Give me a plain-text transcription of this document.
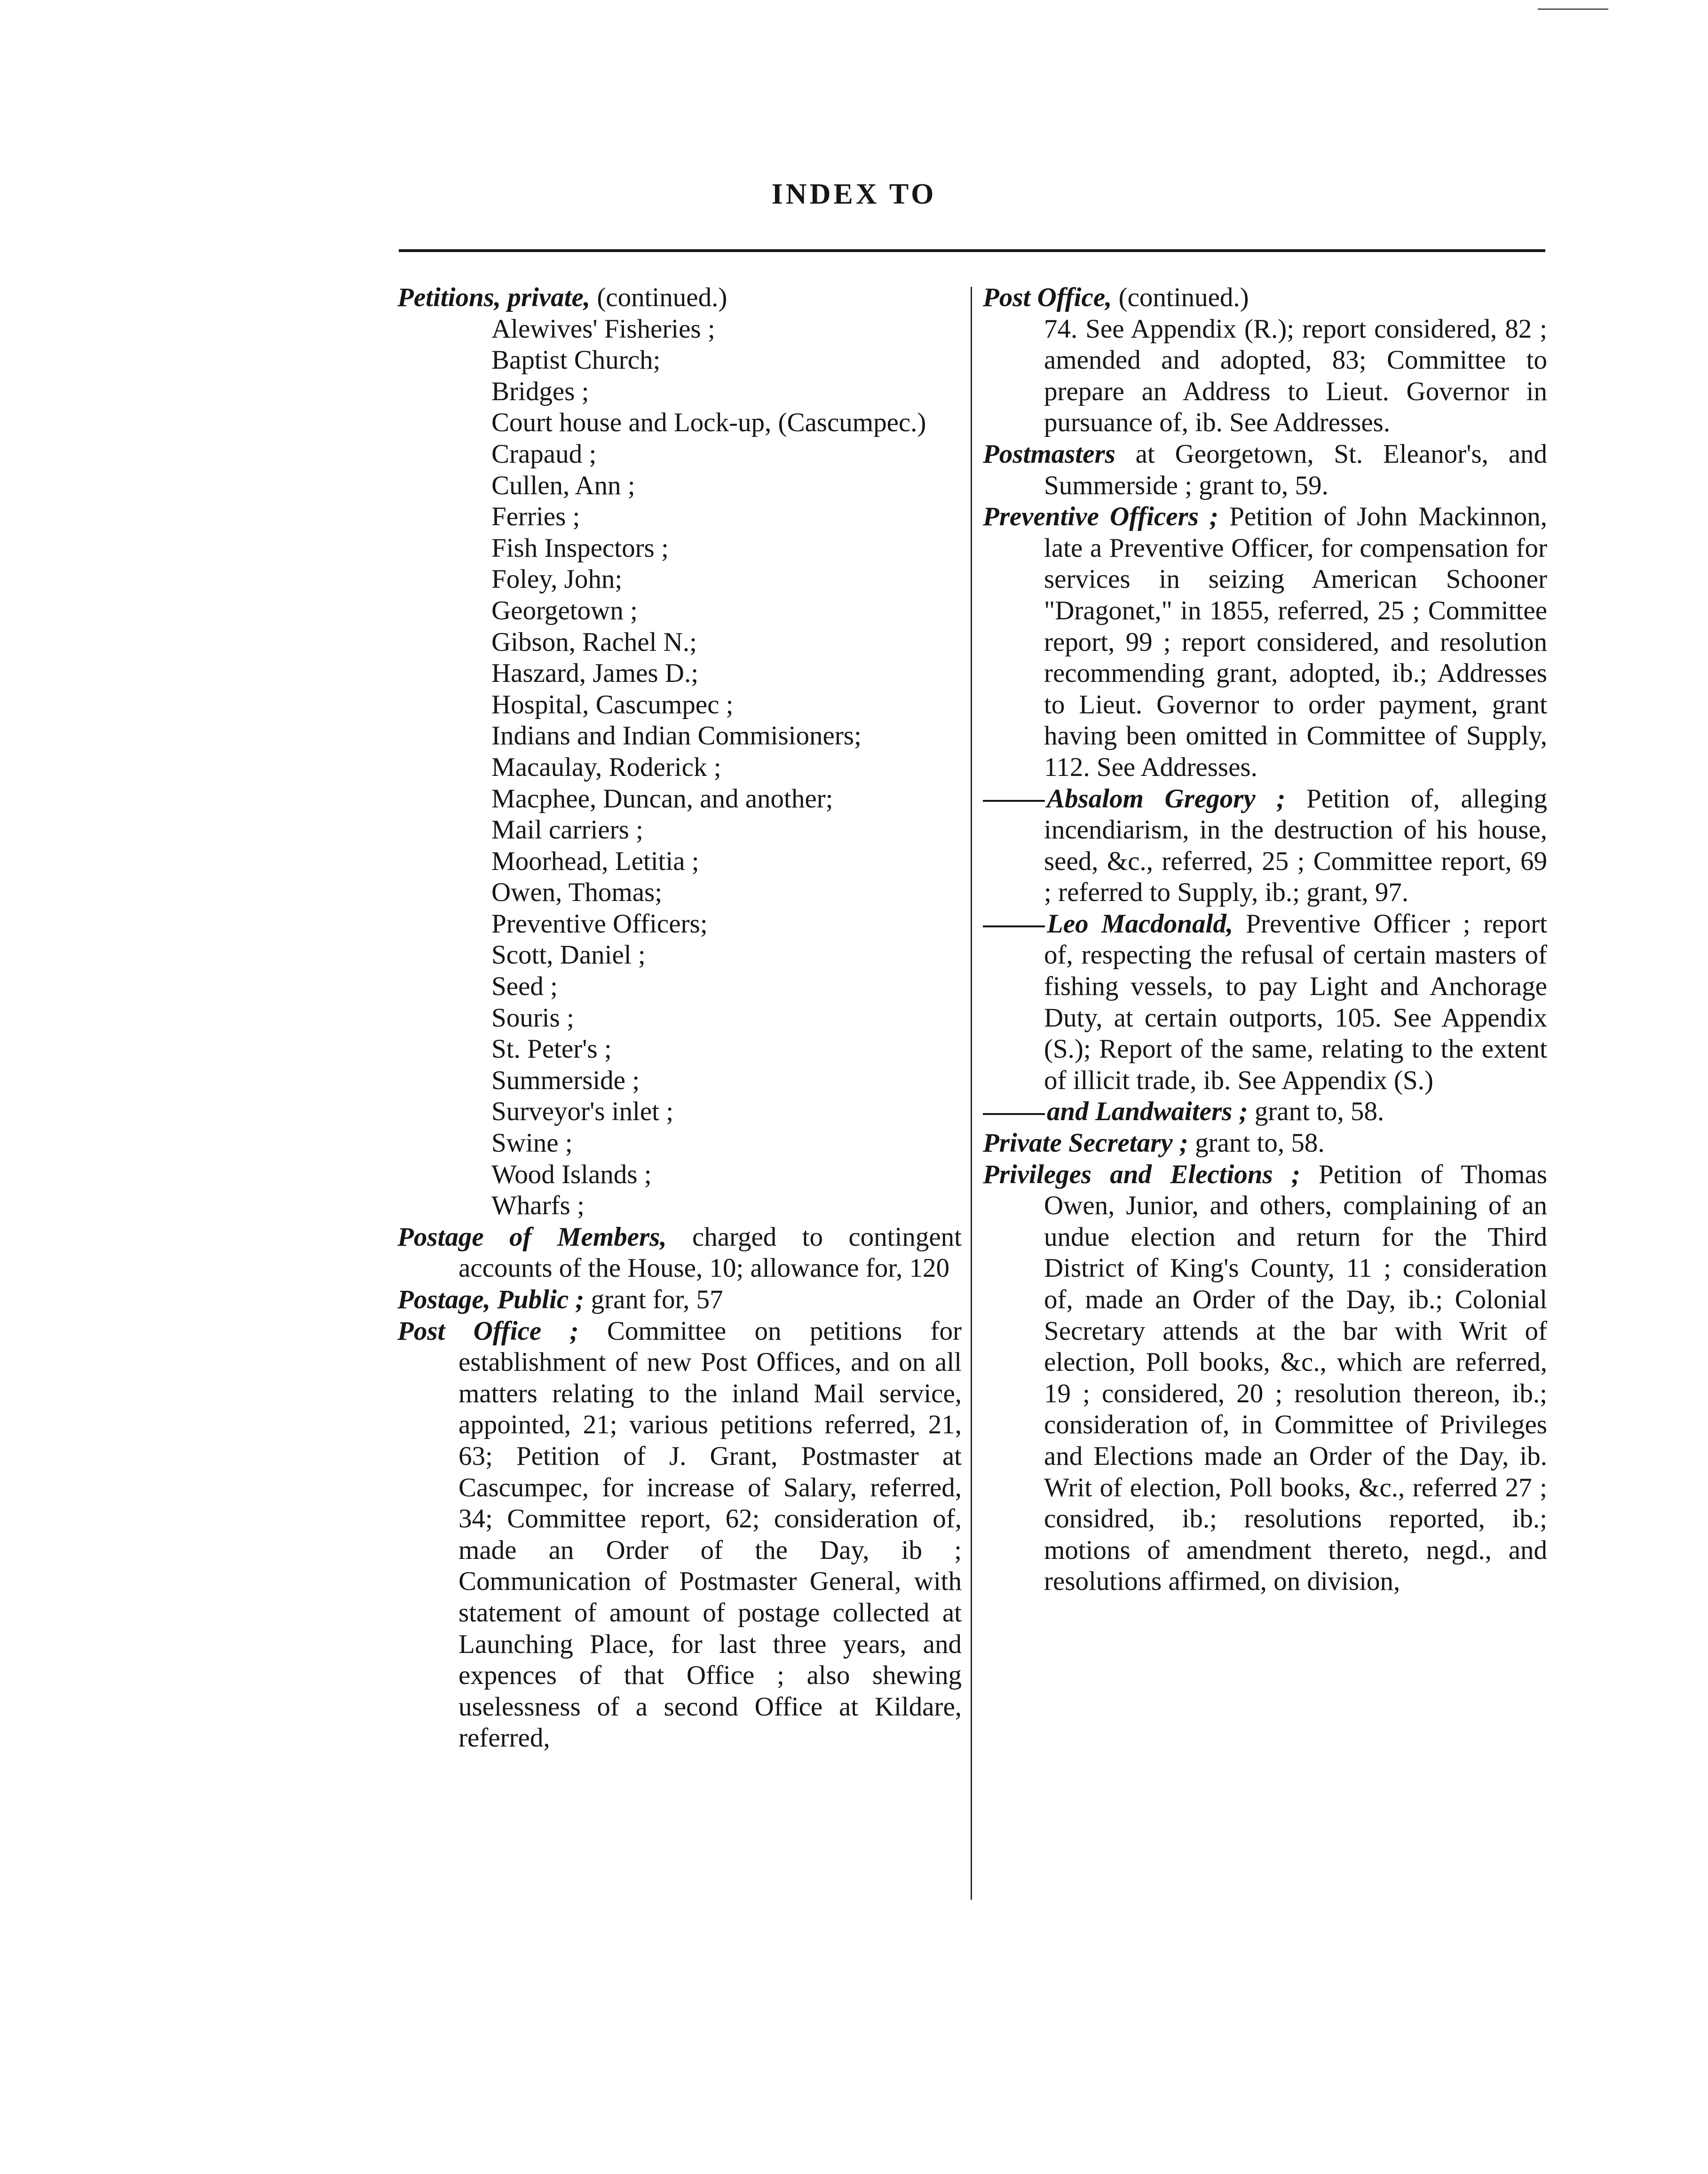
INDEX TO
Petitions, private, (continued.)
Alewives' Fisheries ;
Baptist Church;
Bridges ;
Court house and Lock-up, (Cascumpec.)
Crapaud ;
Cullen, Ann ;
Ferries ;
Fish Inspectors ;
Foley, John;
Georgetown ;
Gibson, Rachel N.;
Haszard, James D.;
Hospital, Cascumpec ;
Indians and Indian Commisioners;
Macaulay, Roderick ;
Macphee, Duncan, and another;
Mail carriers ;
Moorhead, Letitia ;
Owen, Thomas;
Preventive Officers;
Scott, Daniel ;
Seed ;
Souris ;
St. Peter's ;
Summerside ;
Surveyor's inlet ;
Swine ;
Wood Islands ;
Wharfs ;
Postage of Members, charged to contingent accounts of the House, 10; allowance for, 120
Postage, Public ; grant for, 57
Post Office ; Committee on petitions for establishment of new Post Offices, and on all matters relating to the inland Mail service, appointed, 21; various petitions referred, 21, 63; Petition of J. Grant, Postmaster at Cascumpec, for increase of Salary, referred, 34; Committee report, 62; consideration of, made an Order of the Day, ib ; Communication of Postmaster General, with statement of amount of postage collected at Launching Place, for last three years, and expences of that Office ; also shewing uselessness of a second Office at Kildare, referred,
Post Office, (continued.)
74. See Appendix (R.); report considered, 82 ; amended and adopted, 83; Committee to prepare an Address to Lieut. Governor in pursuance of, ib. See Addresses.
Postmasters at Georgetown, St. Eleanor's, and Summerside ; grant to, 59.
Preventive Officers ; Petition of John Mackinnon, late a Preventive Officer, for compensation for services in seizing American Schooner "Dragonet," in 1855, referred, 25 ; Committee report, 99 ; report considered, and resolution recommending grant, adopted, ib.; Addresses to Lieut. Governor to order payment, grant having been omitted in Committee of Supply, 112. See Addresses.
Absalom Gregory ; Petition of, alleging incendiarism, in the destruction of his house, seed, &c., referred, 25 ; Committee report, 69 ; referred to Supply, ib.; grant, 97.
Leo Macdonald, Preventive Officer ; report of, respecting the refusal of certain masters of fishing vessels, to pay Light and Anchorage Duty, at certain outports, 105. See Appendix (S.); Report of the same, relating to the extent of illicit trade, ib. See Appendix (S.)
and Landwaiters ; grant to, 58.
Private Secretary ; grant to, 58.
Privileges and Elections ; Petition of Thomas Owen, Junior, and others, complaining of an undue election and return for the Third District of King's County, 11 ; consideration of, made an Order of the Day, ib.; Colonial Secretary attends at the bar with Writ of election, Poll books, &c., which are referred, 19 ; considered, 20 ; resolution thereon, ib.; consideration of, in Committee of Privileges and Elections made an Order of the Day, ib. Writ of election, Poll books, &c., referred 27 ; considred, ib.; resolutions reported, ib.; motions of amendment thereto, negd., and resolutions affirmed, on division,
